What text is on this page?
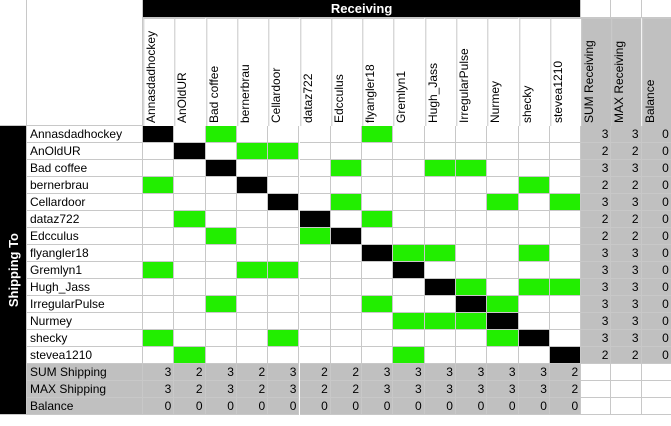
Receiving
Annasdadhockey AnOldUR Bad coffee bernerbrau Cellardoor dataz722 Edcculus flyangler18 Gremlyn1 Hugh_Jass IrregularPulse Nurmey shecky stevea1210 SUM Receiving MAX Receiving Balance
Shipping To
Annasdadhockey	3	3	0
AnOldUR	2	2	0
Bad coffee	3	3	0
bernerbrau	2	2	0
Cellardoor	3	3	0
dataz722	2	2	0
Edcculus	2	2	0
flyangler18	3	3	0
Gremlyn1	3	3	0
Hugh_Jass	3	3	0
IrregularPulse	3	3	0
Nurmey	3	3	0
shecky	3	3	0
stevea1210	2	2	0
SUM Shipping	3	2	3	2	3	2	2	3	3	3	3	3	3	2
MAX Shipping	3	2	3	2	3	2	2	3	3	3	3	3	3	2
Balance	0	0	0	0	0	0	0	0	0	0	0	0	0	0
